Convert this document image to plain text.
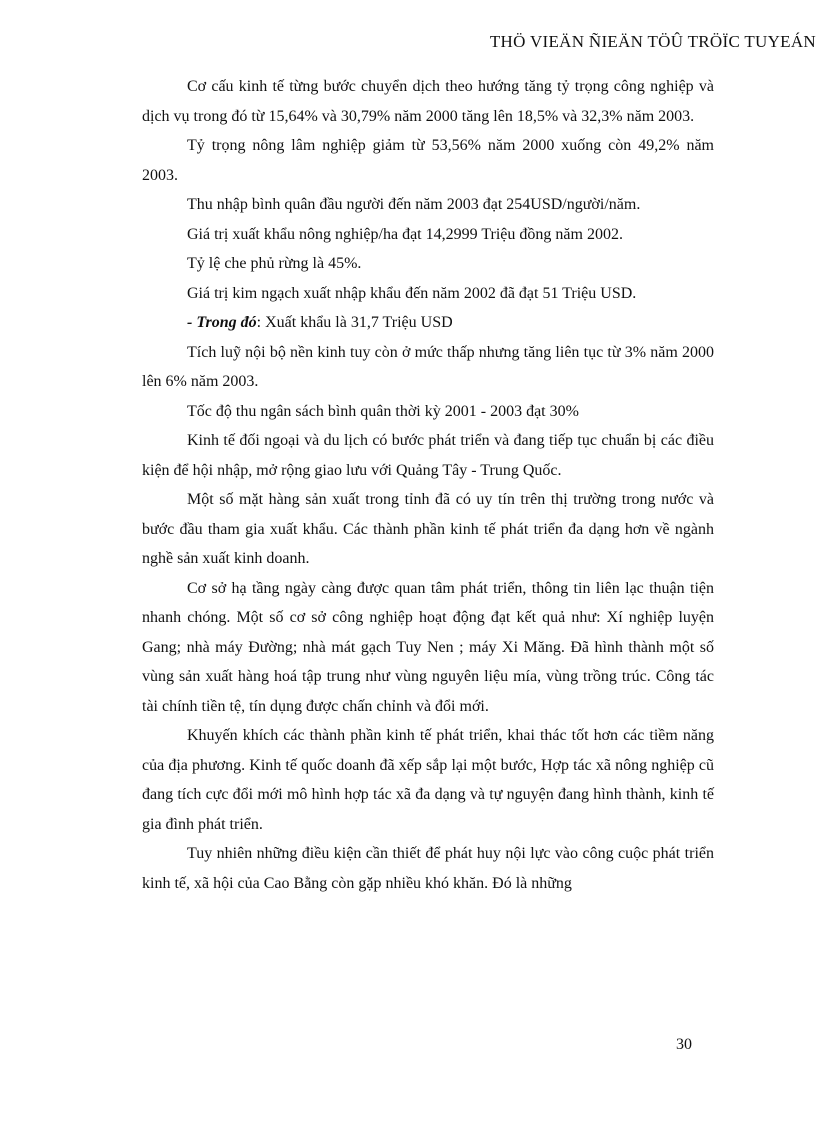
THÖ VIEÄN ÑIEÄN TÖÛ TRÖÏC TUYEÁN

Cơ cấu kinh tế từng bước chuyển dịch theo hướng tăng tỷ trọng công nghiệp và dịch vụ trong đó từ 15,64% và 30,79% năm 2000 tăng lên 18,5% và 32,3% năm 2003.

Tỷ trọng nông lâm nghiệp giảm từ 53,56% năm 2000 xuống còn 49,2% năm 2003.

Thu nhập bình quân đầu người đến năm 2003 đạt 254USD/người/năm.

Giá trị xuất khẩu nông nghiệp/ha đạt 14,2999 Triệu đồng năm 2002.

Tỷ lệ che phủ rừng là 45%.

Giá trị kim ngạch xuất nhập khẩu đến năm 2002 đã đạt 51 Triệu USD.

- Trong đó: Xuất khẩu là 31,7 Triệu USD

Tích luỹ nội bộ nền kinh tuy còn ở mức thấp nhưng tăng liên tục từ 3% năm 2000 lên 6% năm 2003.

Tốc độ thu ngân sách bình quân thời kỳ 2001 - 2003 đạt 30%

Kinh tế đối ngoại và du lịch có bước phát triển và đang tiếp tục chuẩn bị các điều kiện để hội nhập, mở rộng giao lưu với Quảng Tây - Trung Quốc.

Một số mặt hàng sản xuất trong tỉnh đã có uy tín trên thị trường trong nước và bước đầu tham gia xuất khẩu. Các thành phần kinh tế phát triển đa dạng hơn về ngành nghề sản xuất kinh doanh.

Cơ sở hạ tầng ngày càng được quan tâm phát triển, thông tin liên lạc thuận tiện nhanh chóng. Một số cơ sở công nghiệp hoạt động đạt kết quả như: Xí nghiệp luyện Gang; nhà máy Đường; nhà mát gạch Tuy Nen ; máy Xi Măng. Đã hình thành một số vùng sản xuất hàng hoá tập trung như vùng nguyên liệu mía, vùng trồng trúc. Công tác tài chính tiền tệ, tín dụng được chấn chỉnh và đổi mới.

Khuyến khích các thành phần kinh tế phát triển, khai thác tốt hơn các tiềm năng của địa phương. Kinh tế quốc doanh đã xếp sắp lại một bước, Hợp tác xã nông nghiệp cũ đang tích cực đổi mới mô hình hợp tác xã đa dạng và tự nguyện đang hình thành, kinh tế gia đình phát triển.

Tuy nhiên những điều kiện cần thiết để phát huy nội lực vào công cuộc phát triển kinh tế, xã hội của Cao Bằng còn gặp nhiều khó khăn. Đó là những

30
